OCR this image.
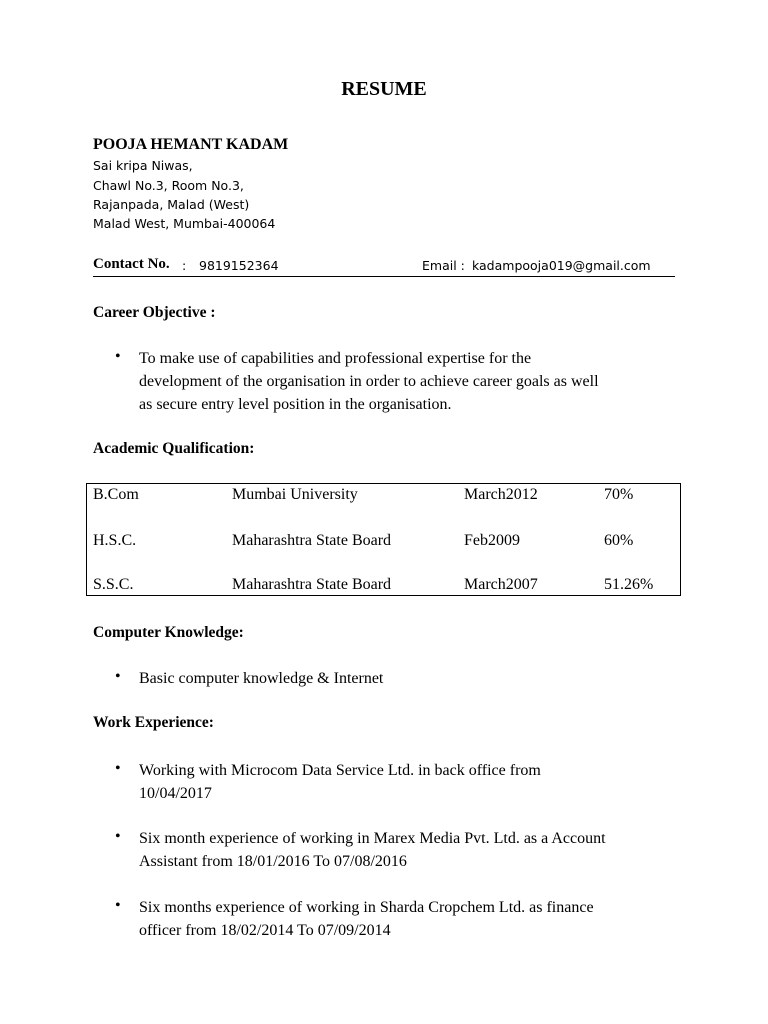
RESUME
POOJA HEMANT KADAM
Sai kripa Niwas,
Chawl No.3, Room No.3,
Rajanpada, Malad (West)
Malad West, Mumbai-400064
Contact No. : 9819152364	Email : kadampooja019@gmail.com
Career Objective :
• To make use of capabilities and professional expertise for the
development of the organisation in order to achieve career goals as well
as secure entry level position in the organisation.
Academic Qualification:
B.Com	Mumbai University	March2012	70%
H.S.C.	Maharashtra State Board	Feb2009	60%
S.S.C.	Maharashtra State Board	March2007	51.26%
Computer Knowledge:
• Basic computer knowledge & Internet
Work Experience:
• Working with Microcom Data Service Ltd. in back office from
10/04/2017
• Six month experience of working in Marex Media Pvt. Ltd. as a Account
Assistant from 18/01/2016 To 07/08/2016
• Six months experience of working in Sharda Cropchem Ltd. as finance
officer from 18/02/2014 To 07/09/2014
